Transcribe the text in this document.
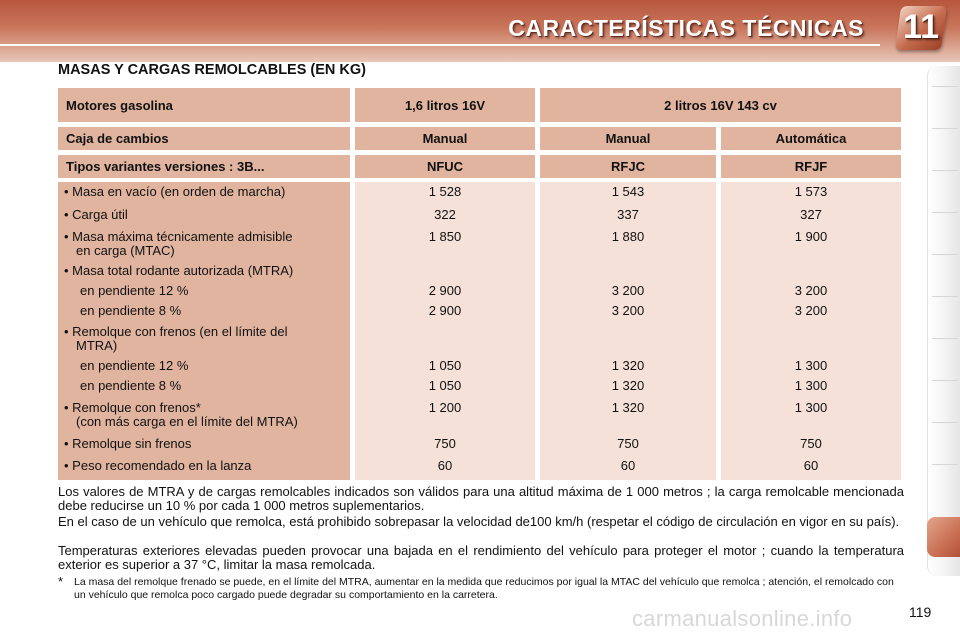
CARACTERÍSTICAS TÉCNICAS 11
MASAS Y CARGAS REMOLCABLES (EN KG)
Motores gasolina	1,6 litros 16V	2 litros 16V 143 cv
Caja de cambios	Manual	Manual	Automática
Tipos variantes versiones : 3B...	NFUC	RFJC	RFJF
• Masa en vacío (en orden de marcha)	1 528	1 543	1 573
• Carga útil	322	337	327
• Masa máxima técnicamente admisible
en carga (MTAC)
1 850	1 880	1 900
• Masa total rodante autorizada (MTRA)
en pendiente 12 %	2 900	3 200	3 200
en pendiente 8 %	2 900	3 200	3 200
• Remolque con frenos (en el límite del
MTRA)
en pendiente 12 %	1 050	1 320	1 300
en pendiente 8 %	1 050	1 320	1 300
• Remolque con frenos*
(con más carga en el límite del MTRA)
1 200	1 320	1 300
• Remolque sin frenos	750	750	750
• Peso recomendado en la lanza	60	60	60
Los valores de MTRA y de cargas remolcables indicados son válidos para una altitud máxima de 1 000 metros ; la carga remolcable mencionada debe reducirse un 10 % por cada 1 000 metros suplementarios.
En el caso de un vehículo que remolca, está prohibido sobrepasar la velocidad de100 km/h (respetar el código de circulación en vigor en su país).
Temperaturas exteriores elevadas pueden provocar una bajada en el rendimiento del vehículo para proteger el motor ; cuando la temperatura exterior es superior a 37 °C, limitar la masa remolcada.
*	La masa del remolque frenado se puede, en el límite del MTRA, aumentar en la medida que reducimos por igual la MTAC del vehículo que remolca ; atención, el remolcado con un vehículo que remolca poco cargado puede degradar su comportamiento en la carretera.
carmanualsonline.info	119
